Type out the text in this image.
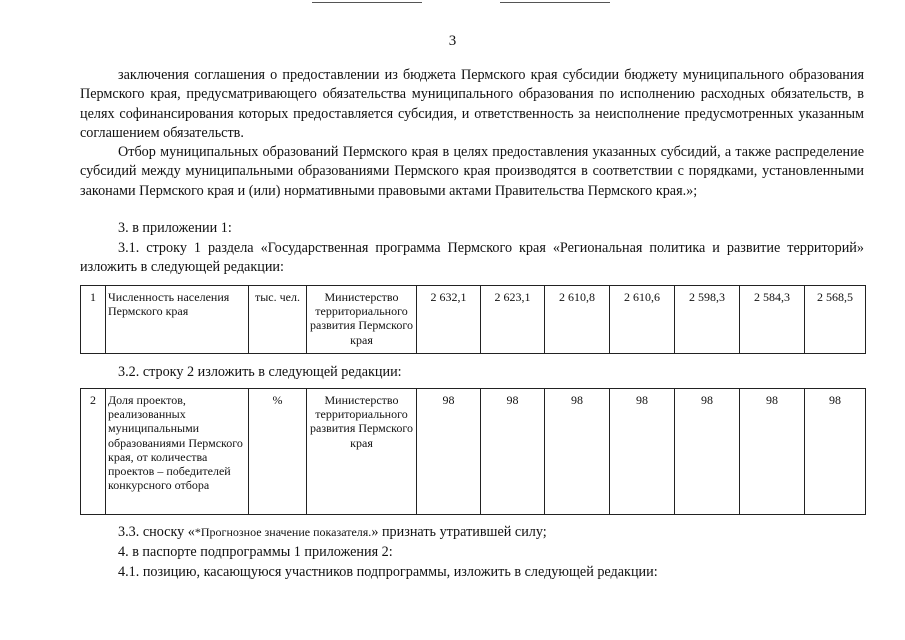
3

заключения соглашения о предоставлении из бюджета Пермского края субсидии бюджету муниципального образования Пермского края, предусматривающего обязательства муниципального образования по исполнению расходных обязательств, в целях софинансирования которых предоставляется субсидия, и ответственность за неисполнение предусмотренных указанным соглашением обязательств.

Отбор муниципальных образований Пермского края в целях предоставления указанных субсидий, а также распределение субсидий между муниципальными образованиями Пермского края производятся в соответствии с порядками, установленными законами Пермского края и (или) нормативными правовыми актами Правительства Пермского края.»;

3. в приложении 1:

3.1. строку 1 раздела «Государственная программа Пермского края «Региональная политика и развитие территорий» изложить в следующей редакции:

1	Численность населения Пермского края	тыс. чел.	Министерство территориального развития Пермского края	2 632,1	2 623,1	2 610,8	2 610,6	2 598,3	2 584,3	2 568,5

3.2. строку 2 изложить в следующей редакции:

2	Доля проектов, реализованных муниципальными образованиями Пермского края, от количества проектов – победителей конкурсного отбора	%	Министерство территориального развития Пермского края	98	98	98	98	98	98	98

3.3. сноску «*Прогнозное значение показателя.» признать утратившей силу;

4. в паспорте подпрограммы 1 приложения 2:

4.1. позицию, касающуюся участников подпрограммы, изложить в следующей редакции:
